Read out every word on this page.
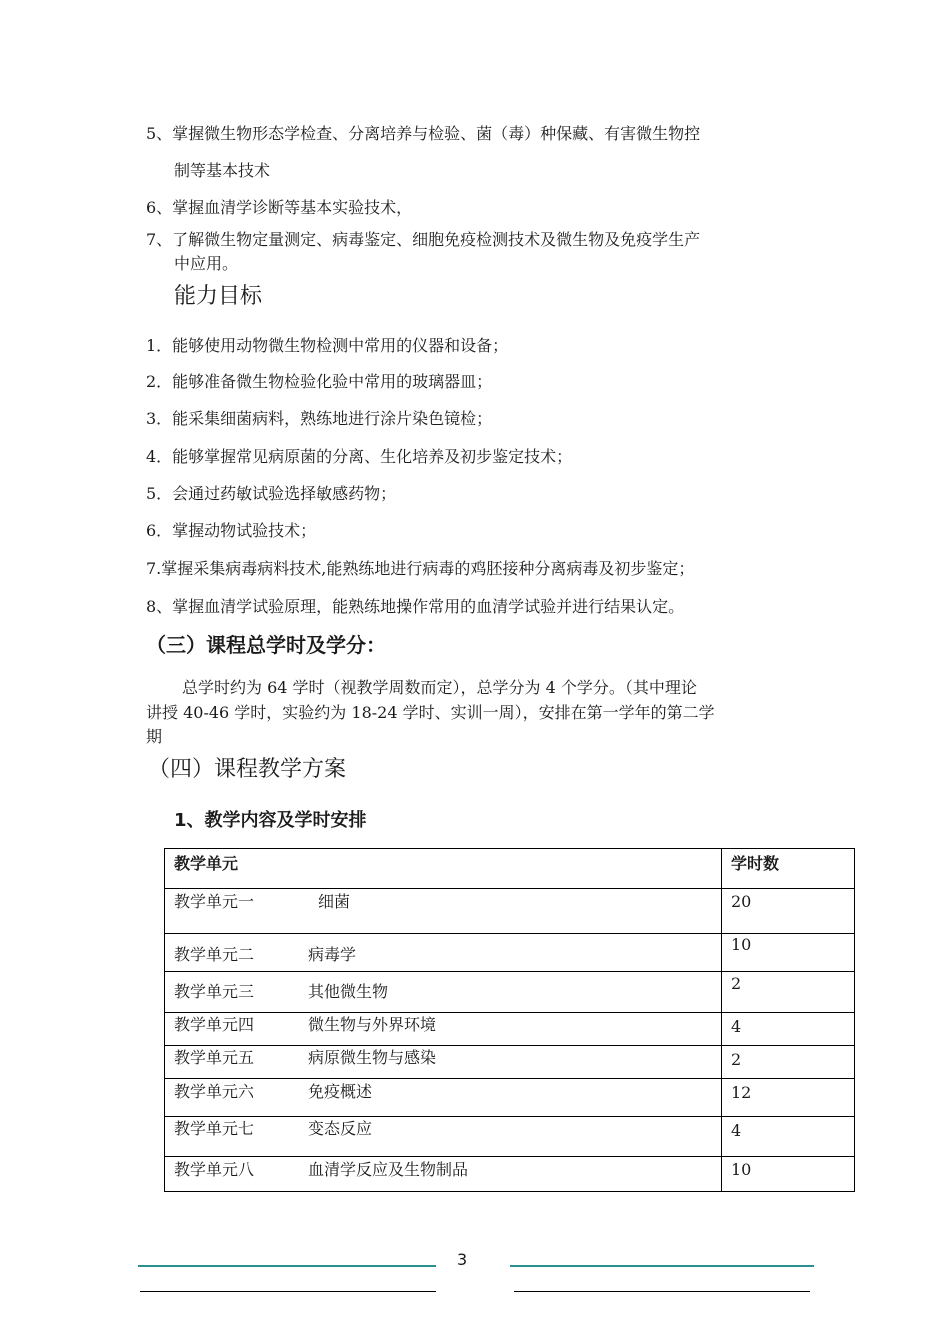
5、掌握微生物形态学检查、分离培养与检验、菌（毒）种保藏、有害微生物控
制等基本技术
6、掌握血清学诊断等基本实验技术，
7、了解微生物定量测定、病毒鉴定、细胞免疫检测技术及微生物及免疫学生产
中应用。
能力目标
1．能够使用动物微生物检测中常用的仪器和设备；
2．能够准备微生物检验化验中常用的玻璃器皿；
3．能采集细菌病料，熟练地进行涂片染色镜检；
4．能够掌握常见病原菌的分离、生化培养及初步鉴定技术；
5．会通过药敏试验选择敏感药物；
6．掌握动物试验技术；
7.掌握采集病毒病料技术,能熟练地进行病毒的鸡胚接种分离病毒及初步鉴定；
8、掌握血清学试验原理，能熟练地操作常用的血清学试验并进行结果认定。
（三）课程总学时及学分：
总学时约为 64 学时（视教学周数而定），总学分为 4 个学分。（其中理论
讲授 40-46 学时，实验约为 18-24 学时、实训一周），安排在第一学年的第二学
期
（四）课程教学方案
1、教学内容及学时安排
教学单元	学时数
教学单元一 细菌	20
教学单元二 病毒学	10
教学单元三 其他微生物	2
教学单元四 微生物与外界环境	4
教学单元五 病原微生物与感染	2
教学单元六 免疫概述	12
教学单元七 变态反应	4
教学单元八 血清学反应及生物制品	10
3
